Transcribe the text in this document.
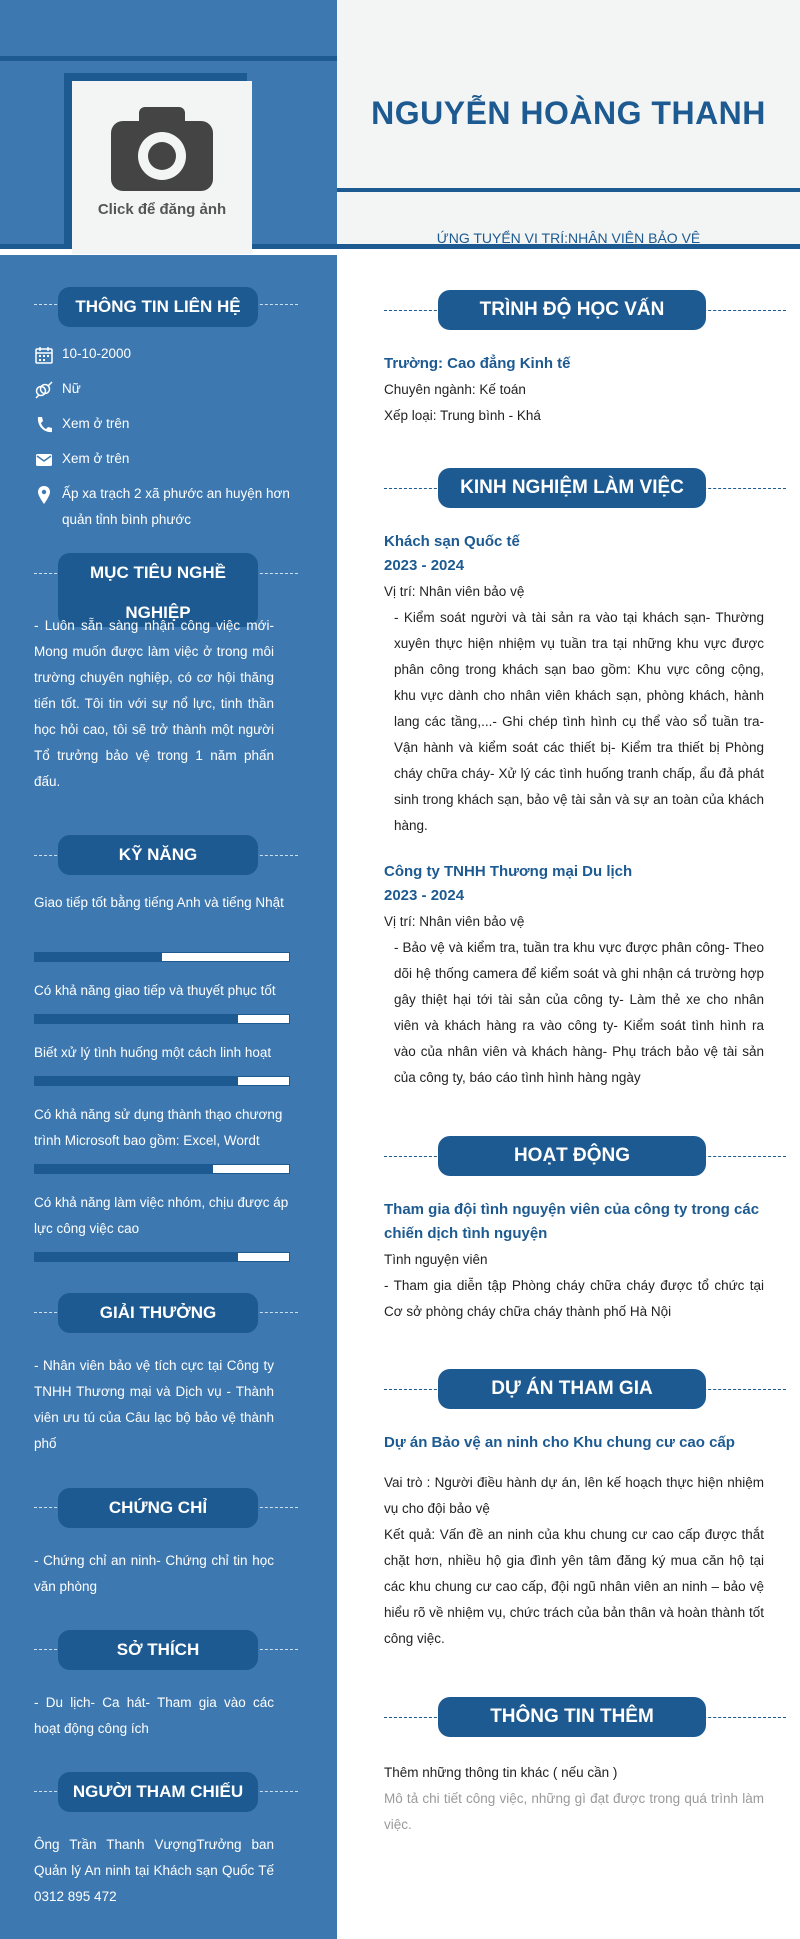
Click để đăng ảnh
NGUYỄN HOÀNG THANH
ỨNG TUYỂN VỊ TRÍ:NHÂN VIÊN BẢO VỆ
THÔNG TIN LIÊN HỆ
10-10-2000
Nữ
Xem ở trên
Xem ở trên
Ấp xa trạch 2 xã phước an huyện hơn quản tỉnh bình phước
MỤC TIÊU NGHỀ NGHIỆP
- Luôn sẵn sàng nhận công việc mới- Mong muốn được làm việc ở trong môi trường chuyên nghiệp, có cơ hội thăng tiến tốt. Tôi tin với sự nổ lực, tinh thần học hỏi cao, tôi sẽ trở thành một người Tổ trưởng bảo vệ trong 1 năm phấn đấu.
KỸ NĂNG
Giao tiếp tốt bằng tiếng Anh và tiếng Nhật
Có khả năng giao tiếp và thuyết phục tốt
Biết xử lý tình huống một cách linh hoạt
Có khả năng sử dụng thành thạo chương trình Microsoft bao gồm: Excel, Wordt
Có khả năng làm việc nhóm, chịu được áp lực công việc cao
GIẢI THƯỞNG
- Nhân viên bảo vệ tích cực tại Công ty TNHH Thương mại và Dịch vụ - Thành viên ưu tú của Câu lạc bộ bảo vệ thành phố
CHỨNG CHỈ
- Chứng chỉ an ninh- Chứng chỉ tin học văn phòng
SỞ THÍCH
- Du lịch- Ca hát- Tham gia vào các hoạt động công ích
NGƯỜI THAM CHIẾU
Ông Trần Thanh VượngTrưởng ban Quản lý An ninh tại Khách sạn Quốc Tế 0312 895 472
TRÌNH ĐỘ HỌC VẤN
Trường: Cao đẳng Kinh tế
Chuyên ngành: Kế toán
Xếp loại: Trung bình - Khá
KINH NGHIỆM LÀM VIỆC
Khách sạn Quốc tế
2023 - 2024
Vị trí: Nhân viên bảo vệ
- Kiểm soát người và tài sản ra vào tại khách sạn- Thường xuyên thực hiện nhiệm vụ tuần tra tại những khu vực được phân công trong khách sạn bao gồm: Khu vực công cộng, khu vực dành cho nhân viên khách sạn, phòng khách, hành lang các tầng,...- Ghi chép tình hình cụ thể vào sổ tuần tra- Vận hành và kiểm soát các thiết bị- Kiểm tra thiết bị Phòng cháy chữa cháy- Xử lý các tình huống tranh chấp, ẩu đả phát sinh trong khách sạn, bảo vệ tài sản và sự an toàn của khách hàng.
Công ty TNHH Thương mại Du lịch
2023 - 2024
Vị trí: Nhân viên bảo vệ
- Bảo vệ và kiểm tra, tuần tra khu vực được phân công- Theo dõi hệ thống camera để kiểm soát và ghi nhận cá trường hợp gây thiệt hại tới tài sản của công ty- Làm thẻ xe cho nhân viên và khách hàng ra vào công ty- Kiểm soát tình hình ra vào của nhân viên và khách hàng- Phụ trách bảo vệ tài sản của công ty, báo cáo tình hình hàng ngày
HOẠT ĐỘNG
Tham gia đội tình nguyện viên của công ty trong các chiến dịch tình nguyện
Tình nguyện viên
- Tham gia diễn tập Phòng cháy chữa cháy được tổ chức tại Cơ sở phòng cháy chữa cháy thành phố Hà Nội
DỰ ÁN THAM GIA
Dự án Bảo vệ an ninh cho Khu chung cư cao cấp
Vai trò : Người điều hành dự án, lên kế hoạch thực hiện nhiệm vụ cho đội bảo vệ
Kết quả: Vấn đề an ninh của khu chung cư cao cấp được thắt chặt hơn, nhiều hộ gia đình yên tâm đăng ký mua căn hộ tại các khu chung cư cao cấp, đội ngũ nhân viên an ninh – bảo vệ hiểu rõ về nhiệm vụ, chức trách của bản thân và hoàn thành tốt công việc.
THÔNG TIN THÊM
Thêm những thông tin khác ( nếu cần )
Mô tả chi tiết công việc, những gì đạt được trong quá trình làm việc.
